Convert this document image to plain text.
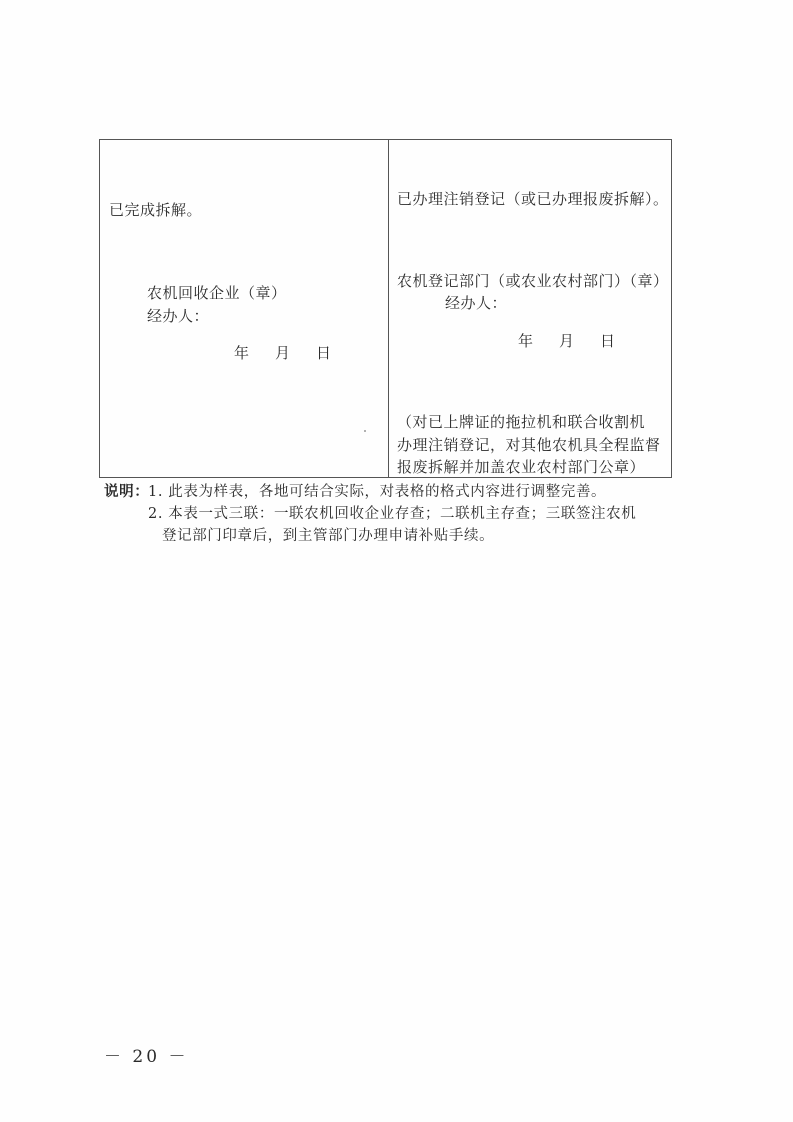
已完成拆解。
农机回收企业（章）
经办人：
年 月 日
已办理注销登记（或已办理报废拆解）。
农机登记部门（或农业农村部门）（章）
经办人：
年 月 日
（对已上牌证的拖拉机和联合收割机
办理注销登记，对其他农机具全程监督
报废拆解并加盖农业农村部门公章）
说明：
1. 此表为样表，各地可结合实际，对表格的格式内容进行调整完善。
2. 本表一式三联：一联农机回收企业存查；二联机主存查；三联签注农机
登记部门印章后，到主管部门办理申请补贴手续。
－ 20 －
